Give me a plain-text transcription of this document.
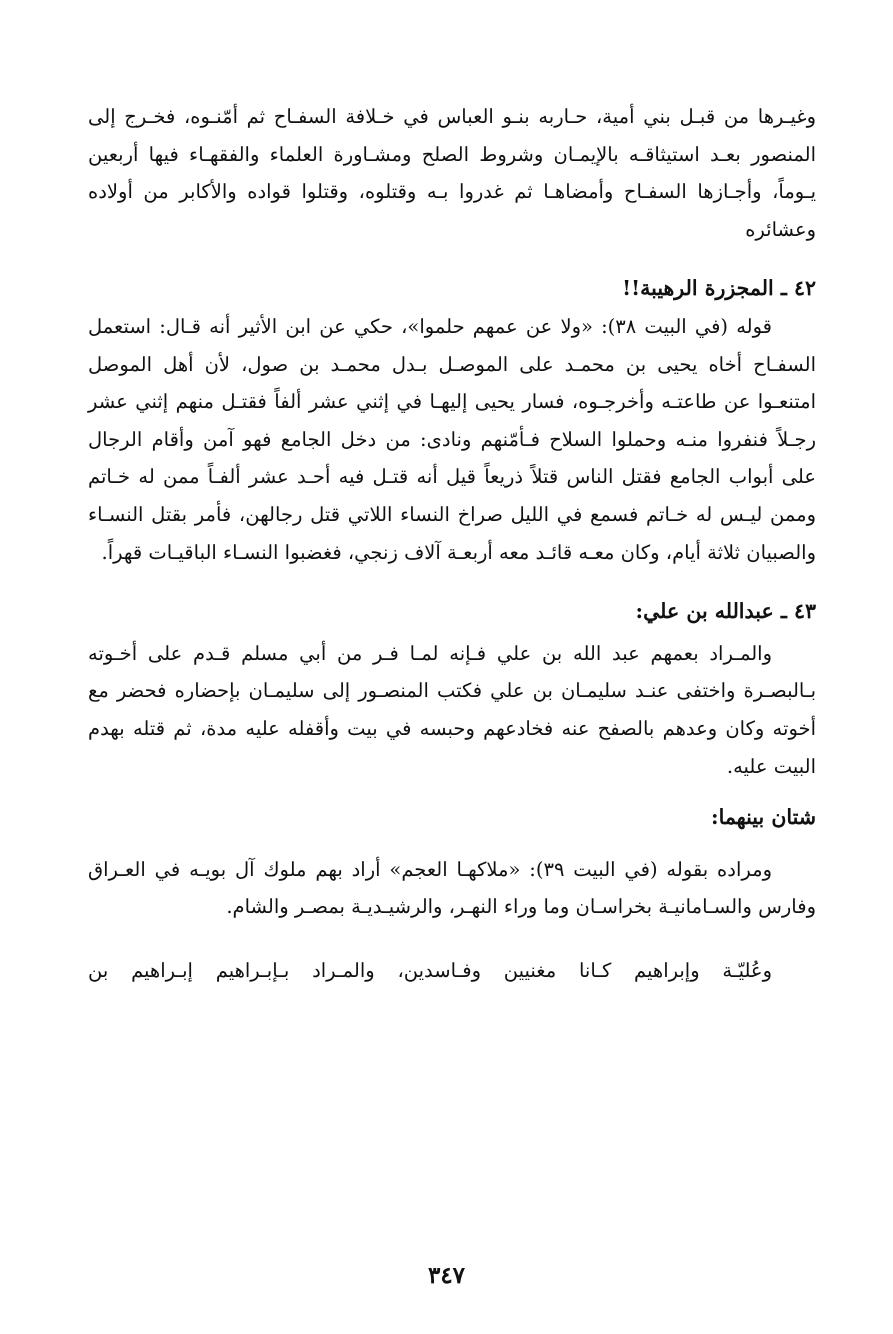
وغيـرها من قبـل بني أمية، حـاربه بنـو العباس في خـلافة السفـاح ثم أمّنـوه، فخـرج إلى المنصور بعـد استيثاقـه بالإيمـان وشروط الصلح ومشـاورة العلماء والفقهـاء فيها أربعين يـوماً، وأجـازها السفـاح وأمضاهـا ثم غدروا بـه وقتلوه، وقتلوا قواده والأكابر من أولاده وعشائره

٤٢ ـ المجزرة الرهيبة!!

قوله (في البيت ٣٨): «ولا عن عمهم حلموا»، حكي عن ابن الأثير أنه قـال: استعمل السفـاح أخاه يحيى بن محمـد على الموصـل بـدل محمـد بن صول، لأن أهل الموصل امتنعـوا عن طاعتـه وأخرجـوه، فسار يحيى إليهـا في إثني عشر ألفاً فقتـل منهم إثني عشر رجـلاً فنفروا منـه وحملوا السلاح فـأمّنهم ونادى: من دخل الجامع فهو آمن وأقام الرجال على أبواب الجامع فقتل الناس قتلاً ذريعاً قيل أنه قتـل فيه أحـد عشر ألفـاً ممن له خـاتم وممن ليـس له خـاتم فسمع في الليل صراخ النساء اللاتي قتل رجالهن، فأمر بقتل النسـاء والصبيان ثلاثة أيام، وكان معـه قائـد معه أربعـة آلاف زنجي، فغضبوا النسـاء الباقيـات قهراً.

٤٣ ـ عبدالله بن علي:

والمـراد بعمهم عبد الله بن علي فـإنه لمـا فـر من أبي مسلم قـدم على أخـوته بـالبصـرة واختفى عنـد سليمـان بن علي فكتب المنصـور إلى سليمـان بإحضاره فحضر مع أخوته وكان وعدهم بالصفح عنه فخادعهم وحبسه في بيت وأقفله عليه مدة، ثم قتله بهدم البيت عليه.

شتان بينهما:

ومراده بقوله (في البيت ٣٩): «ملاكهـا العجم» أراد بهم ملوك آل بويـه في العـراق وفارس والسـامانيـة بخراسـان وما وراء النهـر، والرشيـديـة بمصـر والشام.

وعُليّـة وإبراهيم كـانا مغنيين وفـاسدين، والمـراد بـإبـراهيم إبـراهيم بن

٣٤٧
